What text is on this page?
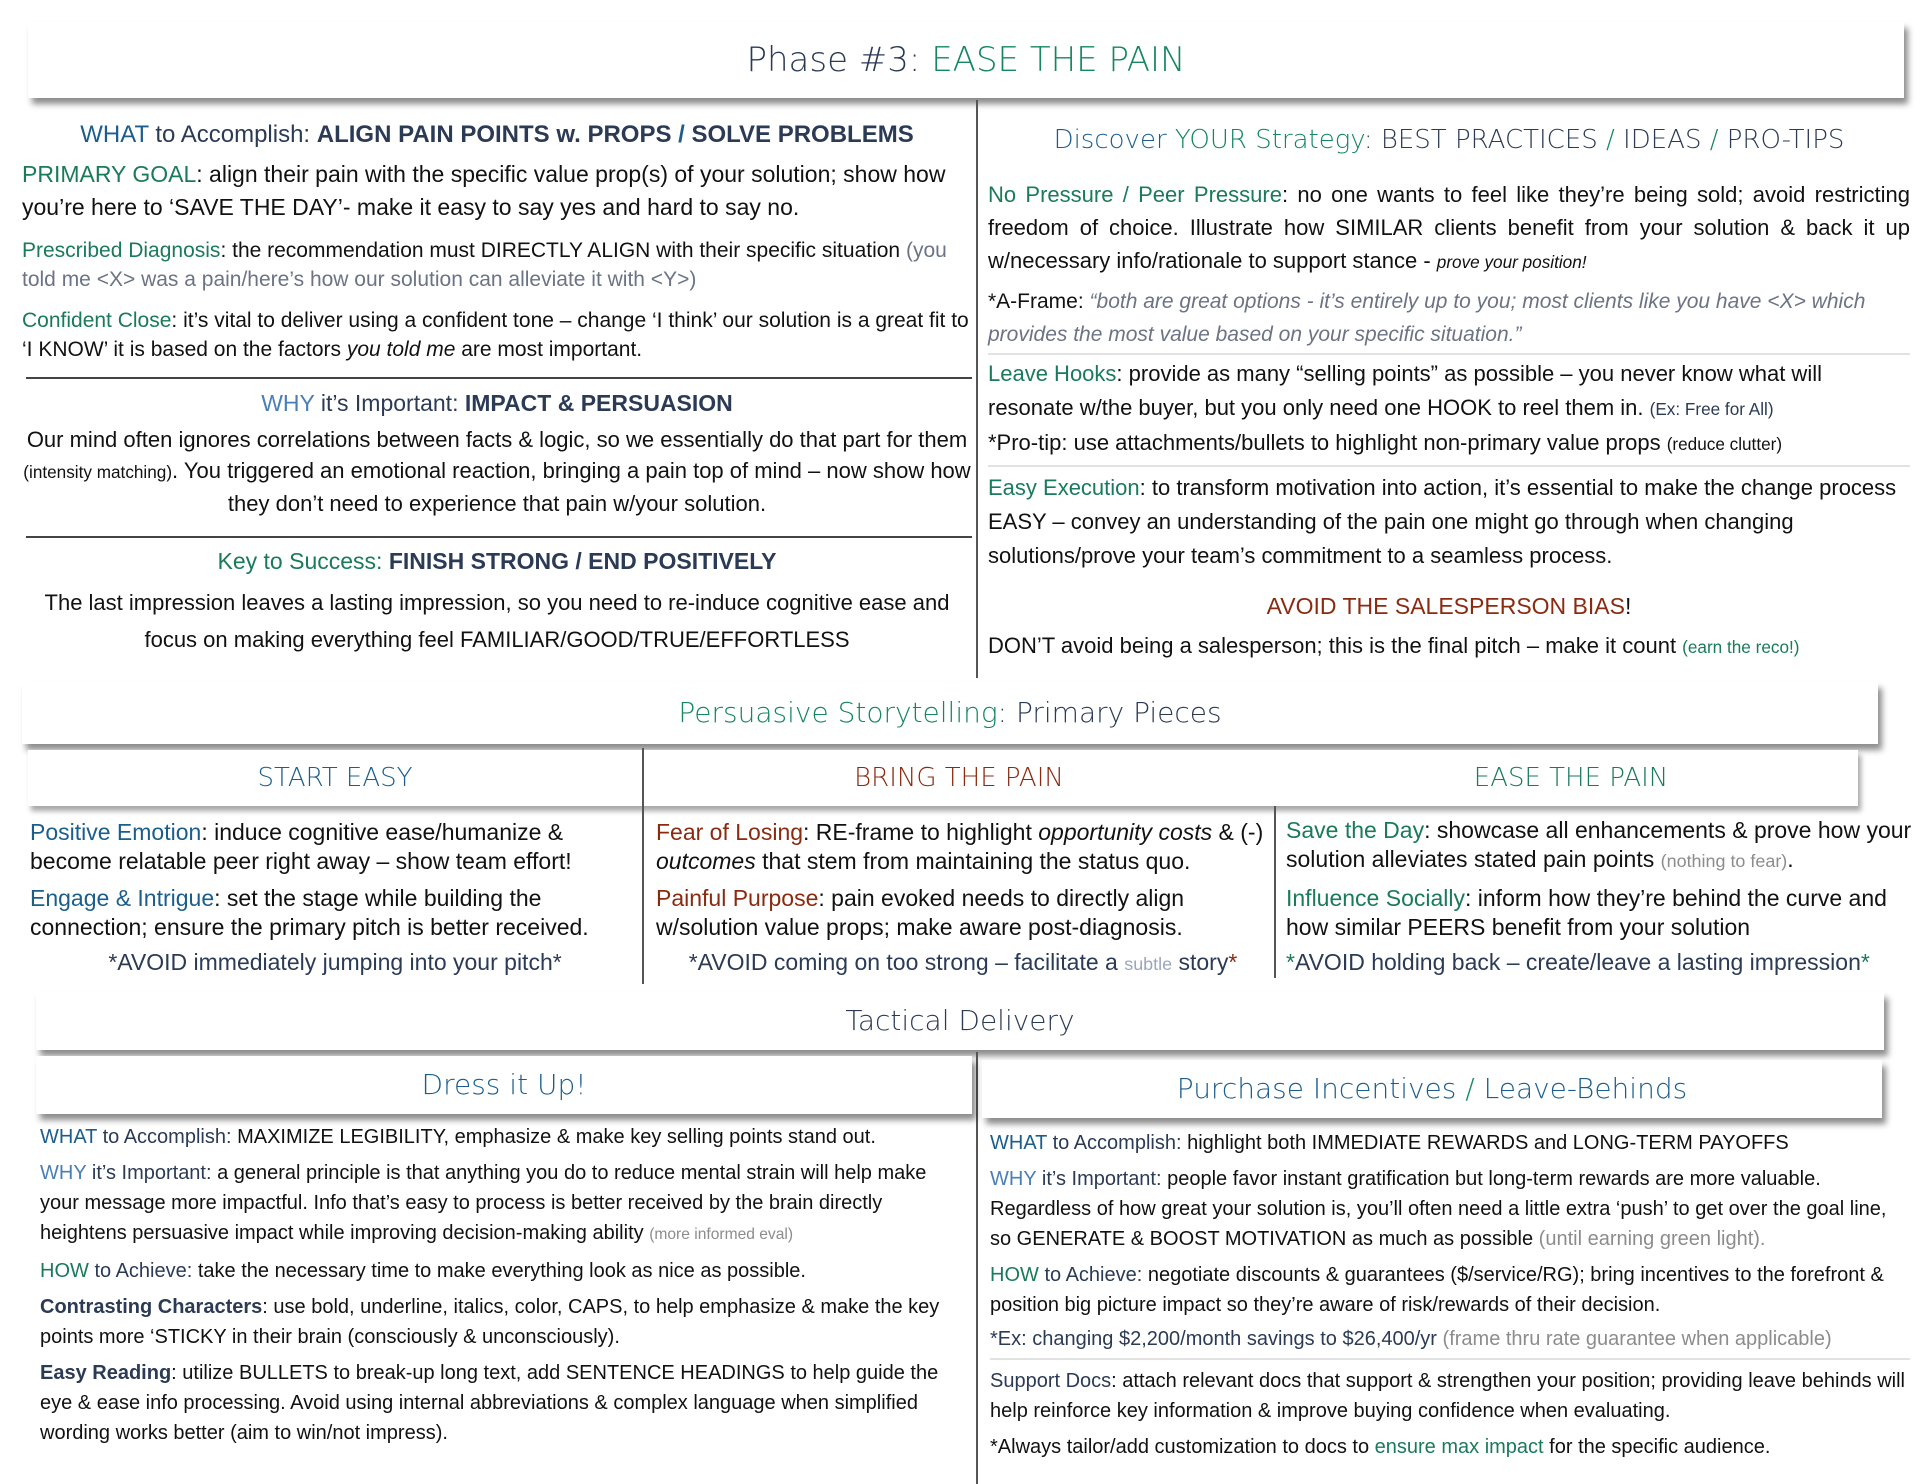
Phase #3: EASE THE PAIN
WHAT to Accomplish: ALIGN PAIN POINTS w. PROPS / SOLVE PROBLEMS
PRIMARY GOAL: align their pain with the specific value prop(s) of your solution; show how you’re here to ‘SAVE THE DAY’- make it easy to say yes and hard to say no.
Prescribed Diagnosis: the recommendation must DIRECTLY ALIGN with their specific situation (you told me <X> was a pain/here’s how our solution can alleviate it with <Y>)
Confident Close: it’s vital to deliver using a confident tone – change ‘I think’ our solution is a great fit to ‘I KNOW’ it is based on the factors you told me are most important.
WHY it’s Important: IMPACT & PERSUASION
Our mind often ignores correlations between facts & logic, so we essentially do that part for them (intensity matching). You triggered an emotional reaction, bringing a pain top of mind – now show how they don’t need to experience that pain w/your solution.
Key to Success: FINISH STRONG / END POSITIVELY
The last impression leaves a lasting impression, so you need to re-induce cognitive ease and focus on making everything feel FAMILIAR/GOOD/TRUE/EFFORTLESS
Discover YOUR Strategy: BEST PRACTICES / IDEAS / PRO-TIPS
No Pressure / Peer Pressure: no one wants to feel like they’re being sold; avoid restricting freedom of choice. Illustrate how SIMILAR clients benefit from your solution & back it up w/necessary info/rationale to support stance - prove your position!
*A-Frame: “both are great options - it’s entirely up to you; most clients like you have <X> which provides the most value based on your specific situation.”
Leave Hooks: provide as many “selling points” as possible – you never know what will resonate w/the buyer, but you only need one HOOK to reel them in. (Ex: Free for All)
*Pro-tip: use attachments/bullets to highlight non-primary value props (reduce clutter)
Easy Execution: to transform motivation into action, it’s essential to make the change process EASY – convey an understanding of the pain one might go through when changing solutions/prove your team’s commitment to a seamless process.
AVOID THE SALESPERSON BIAS!
DON’T avoid being a salesperson; this is the final pitch – make it count (earn the reco!)
Persuasive Storytelling: Primary Pieces
START EASY	BRING THE PAIN	EASE THE PAIN
Positive Emotion: induce cognitive ease/humanize & become relatable peer right away – show team effort!
Engage & Intrigue: set the stage while building the connection; ensure the primary pitch is better received.
*AVOID immediately jumping into your pitch*
Fear of Losing: RE-frame to highlight opportunity costs & (-) outcomes that stem from maintaining the status quo.
Painful Purpose: pain evoked needs to directly align w/solution value props; make aware post-diagnosis.
*AVOID coming on too strong – facilitate a subtle story*
Save the Day: showcase all enhancements & prove how your solution alleviates stated pain points (nothing to fear).
Influence Socially: inform how they’re behind the curve and how similar PEERS benefit from your solution
*AVOID holding back – create/leave a lasting impression*
Tactical Delivery
Dress it Up!	Purchase Incentives / Leave-Behinds
WHAT to Accomplish: MAXIMIZE LEGIBILITY, emphasize & make key selling points stand out.
WHY it’s Important: a general principle is that anything you do to reduce mental strain will help make your message more impactful. Info that’s easy to process is better received by the brain directly heightens persuasive impact while improving decision-making ability (more informed eval)
HOW to Achieve: take the necessary time to make everything look as nice as possible.
Contrasting Characters: use bold, underline, italics, color, CAPS, to help emphasize & make the key points more ‘STICKY in their brain (consciously & unconsciously).
Easy Reading: utilize BULLETS to break-up long text, add SENTENCE HEADINGS to help guide the eye & ease info processing. Avoid using internal abbreviations & complex language when simplified wording works better (aim to win/not impress).
WHAT to Accomplish: highlight both IMMEDIATE REWARDS and LONG-TERM PAYOFFS
WHY it’s Important: people favor instant gratification but long-term rewards are more valuable. Regardless of how great your solution is, you’ll often need a little extra ‘push’ to get over the goal line, so GENERATE & BOOST MOTIVATION as much as possible (until earning green light).
HOW to Achieve: negotiate discounts & guarantees ($/service/RG); bring incentives to the forefront & position big picture impact so they’re aware of risk/rewards of their decision.
*Ex: changing $2,200/month savings to $26,400/yr (frame thru rate guarantee when applicable)
Support Docs: attach relevant docs that support & strengthen your position; providing leave behinds will help reinforce key information & improve buying confidence when evaluating.
*Always tailor/add customization to docs to ensure max impact for the specific audience.
